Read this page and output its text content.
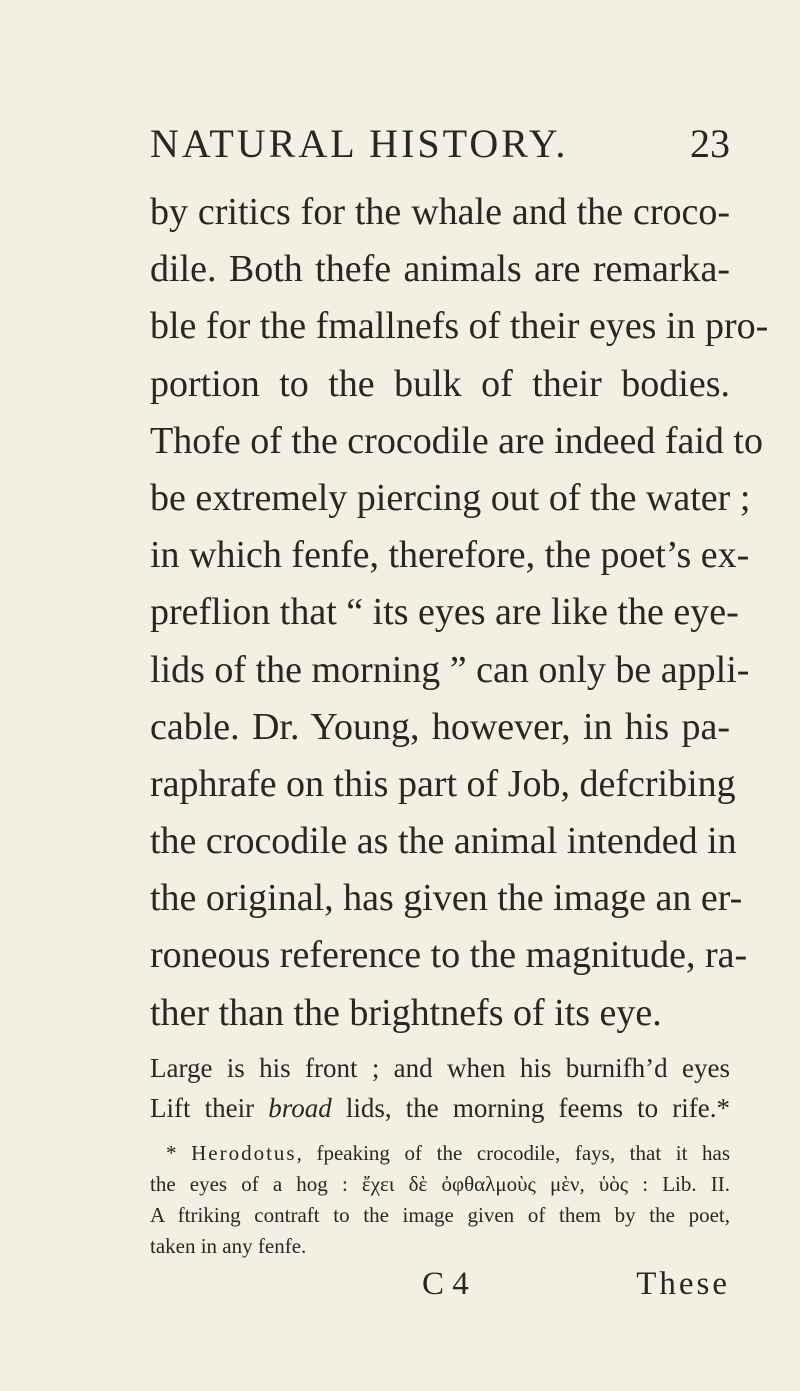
NATURAL HISTORY.	23
by critics for the whale and the croco-
dile. Both thefe animals are remarka-
ble for the fmallnefs of their eyes in pro-
portion to the bulk of their bodies.
Thofe of the crocodile are indeed faid to
be extremely piercing out of the water ;
in which fenfe, therefore, the poet’s ex-
preflion that “ its eyes are like the eye-
lids of the morning ” can only be appli-
cable. Dr. Young, however, in his pa-
raphrafe on this part of Job, defcribing
the crocodile as the animal intended in
the original, has given the image an er-
roneous reference to the magnitude, ra-
ther than the brightnefs of its eye.
Large is his front ; and when his burnifh’d eyes
Lift their broad lids, the morning feems to rife.*
* Herodotus, fpeaking of the crocodile, fays, that it has
the eyes of a hog : ἔχει δὲ ὀφθαλμοὺς μὲν, ὑὸς : Lib. II.
A ftriking contraft to the image given of them by the poet,
taken in any fenfe.
C 4	These
